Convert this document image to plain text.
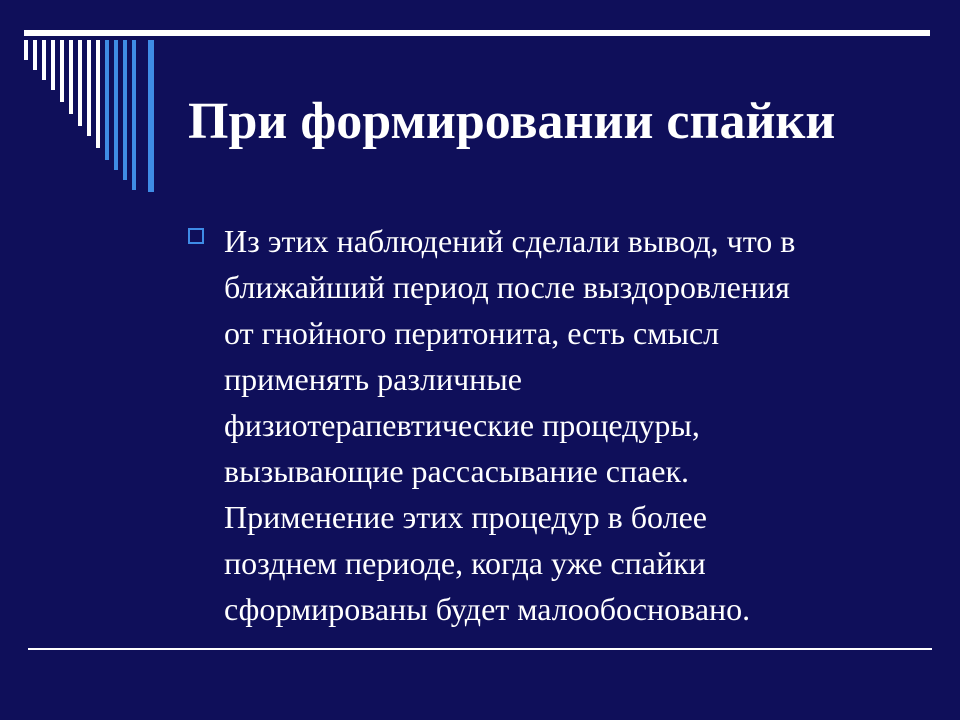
При формировании спайки
Из этих наблюдений сделали вывод, что в
ближайший период после выздоровления
от гнойного перитонита, есть смысл
применять различные
физиотерапевтические процедуры,
вызывающие рассасывание спаек.
Применение этих процедур в более
позднем периоде, когда уже спайки
сформированы будет малообосновано.
